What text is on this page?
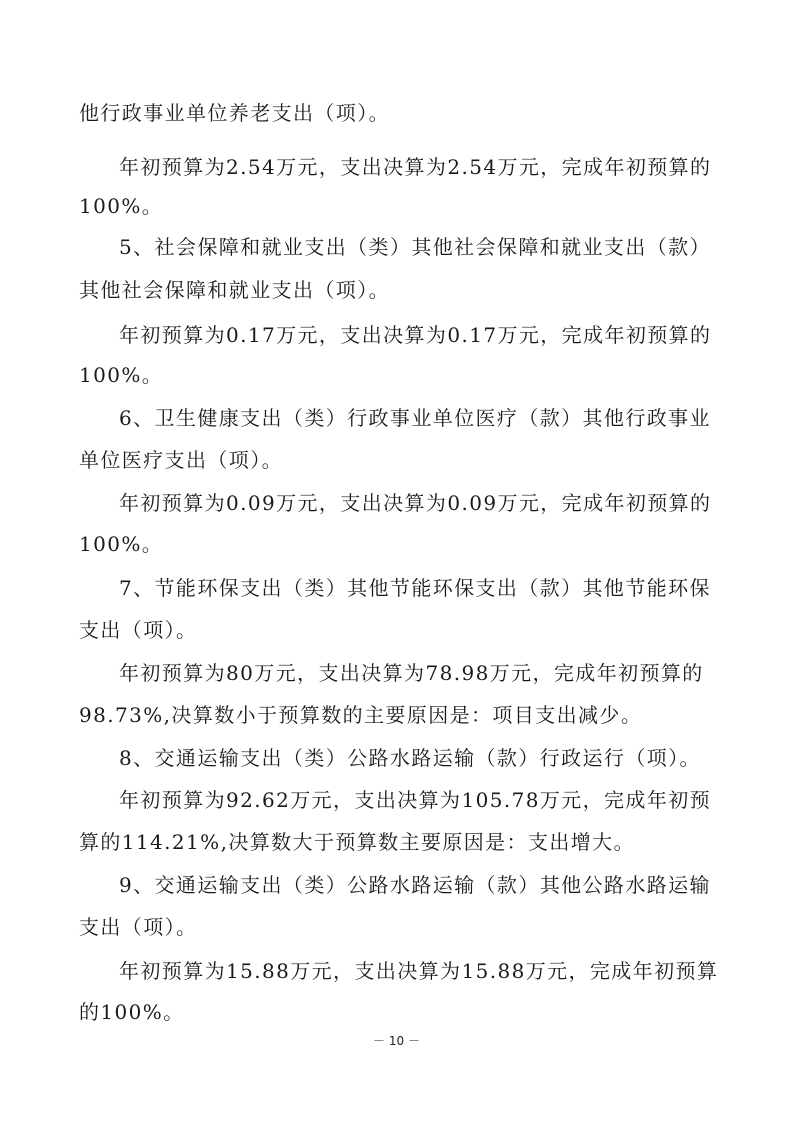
他行政事业单位养老支出（项）。
年初预算为2.54万元，支出决算为2.54万元，完成年初预算的
100%。
5、社会保障和就业支出（类）其他社会保障和就业支出（款）
其他社会保障和就业支出（项）。
年初预算为0.17万元，支出决算为0.17万元，完成年初预算的
100%。
6、卫生健康支出（类）行政事业单位医疗（款）其他行政事业
单位医疗支出（项）。
年初预算为0.09万元，支出决算为0.09万元，完成年初预算的
100%。
7、节能环保支出（类）其他节能环保支出（款）其他节能环保
支出（项）。
年初预算为80万元，支出决算为78.98万元，完成年初预算的
98.73%,决算数小于预算数的主要原因是：项目支出减少。
8、交通运输支出（类）公路水路运输（款）行政运行（项）。
年初预算为92.62万元，支出决算为105.78万元，完成年初预
算的114.21%,决算数大于预算数主要原因是：支出增大。
9、交通运输支出（类）公路水路运输（款）其他公路水路运输
支出（项）。
年初预算为15.88万元，支出决算为15.88万元，完成年初预算
的100%。
－ 10 －
